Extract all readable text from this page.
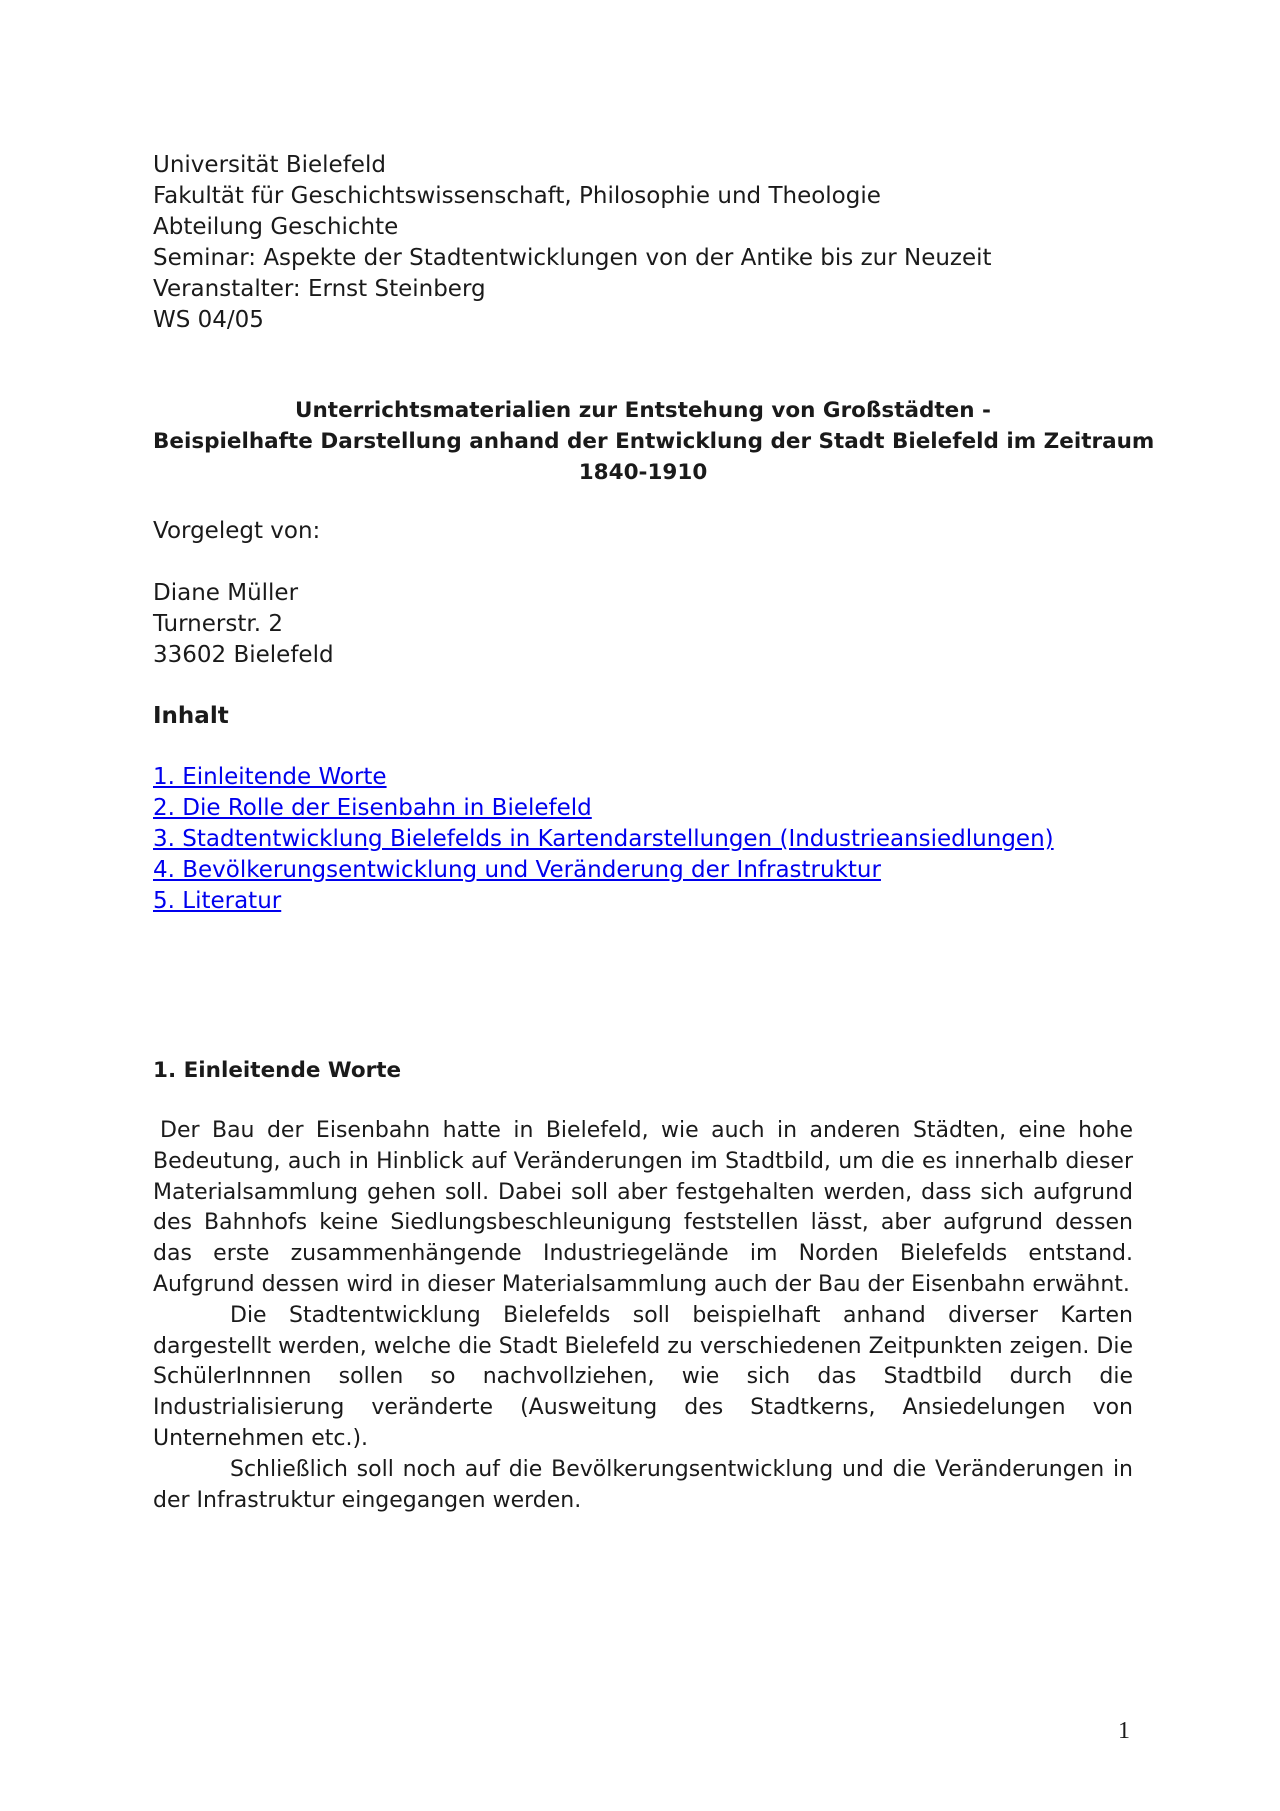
Universität Bielefeld
Fakultät für Geschichtswissenschaft, Philosophie und Theologie
Abteilung Geschichte
Seminar: Aspekte der Stadtentwicklungen von der Antike bis zur Neuzeit
Veranstalter: Ernst Steinberg
WS 04/05
Unterrichtsmaterialien zur Entstehung von Großstädten -
Beispielhafte Darstellung anhand der Entwicklung der Stadt Bielefeld im Zeitraum
1840-1910
Vorgelegt von:
Diane Müller
Turnerstr. 2
33602 Bielefeld
Inhalt
1. Einleitende Worte
2. Die Rolle der Eisenbahn in Bielefeld
3. Stadtentwicklung Bielefelds in Kartendarstellungen (Industrieansiedlungen)
4. Bevölkerungsentwicklung und Veränderung der Infrastruktur
5. Literatur
1. Einleitende Worte

Der Bau der Eisenbahn hatte in Bielefeld, wie auch in anderen Städten, eine hohe Bedeutung, auch in Hinblick auf Veränderungen im Stadtbild, um die es innerhalb dieser Materialsammlung gehen soll. Dabei soll aber festgehalten werden, dass sich aufgrund des Bahnhofs keine Siedlungsbeschleunigung feststellen lässt, aber aufgrund dessen das erste zusammenhängende Industriegelände im Norden Bielefelds entstand. Aufgrund dessen wird in dieser Materialsammlung auch der Bau der Eisenbahn erwähnt.

Die Stadtentwicklung Bielefelds soll beispielhaft anhand diverser Karten dargestellt werden, welche die Stadt Bielefeld zu verschiedenen Zeitpunkten zeigen. Die SchülerInnnen sollen so nachvollziehen, wie sich das Stadtbild durch die Industrialisierung veränderte (Ausweitung des Stadtkerns, Ansiedelungen von Unternehmen etc.).

Schließlich soll noch auf die Bevölkerungsentwicklung und die Veränderungen in der Infrastruktur eingegangen werden.

1
